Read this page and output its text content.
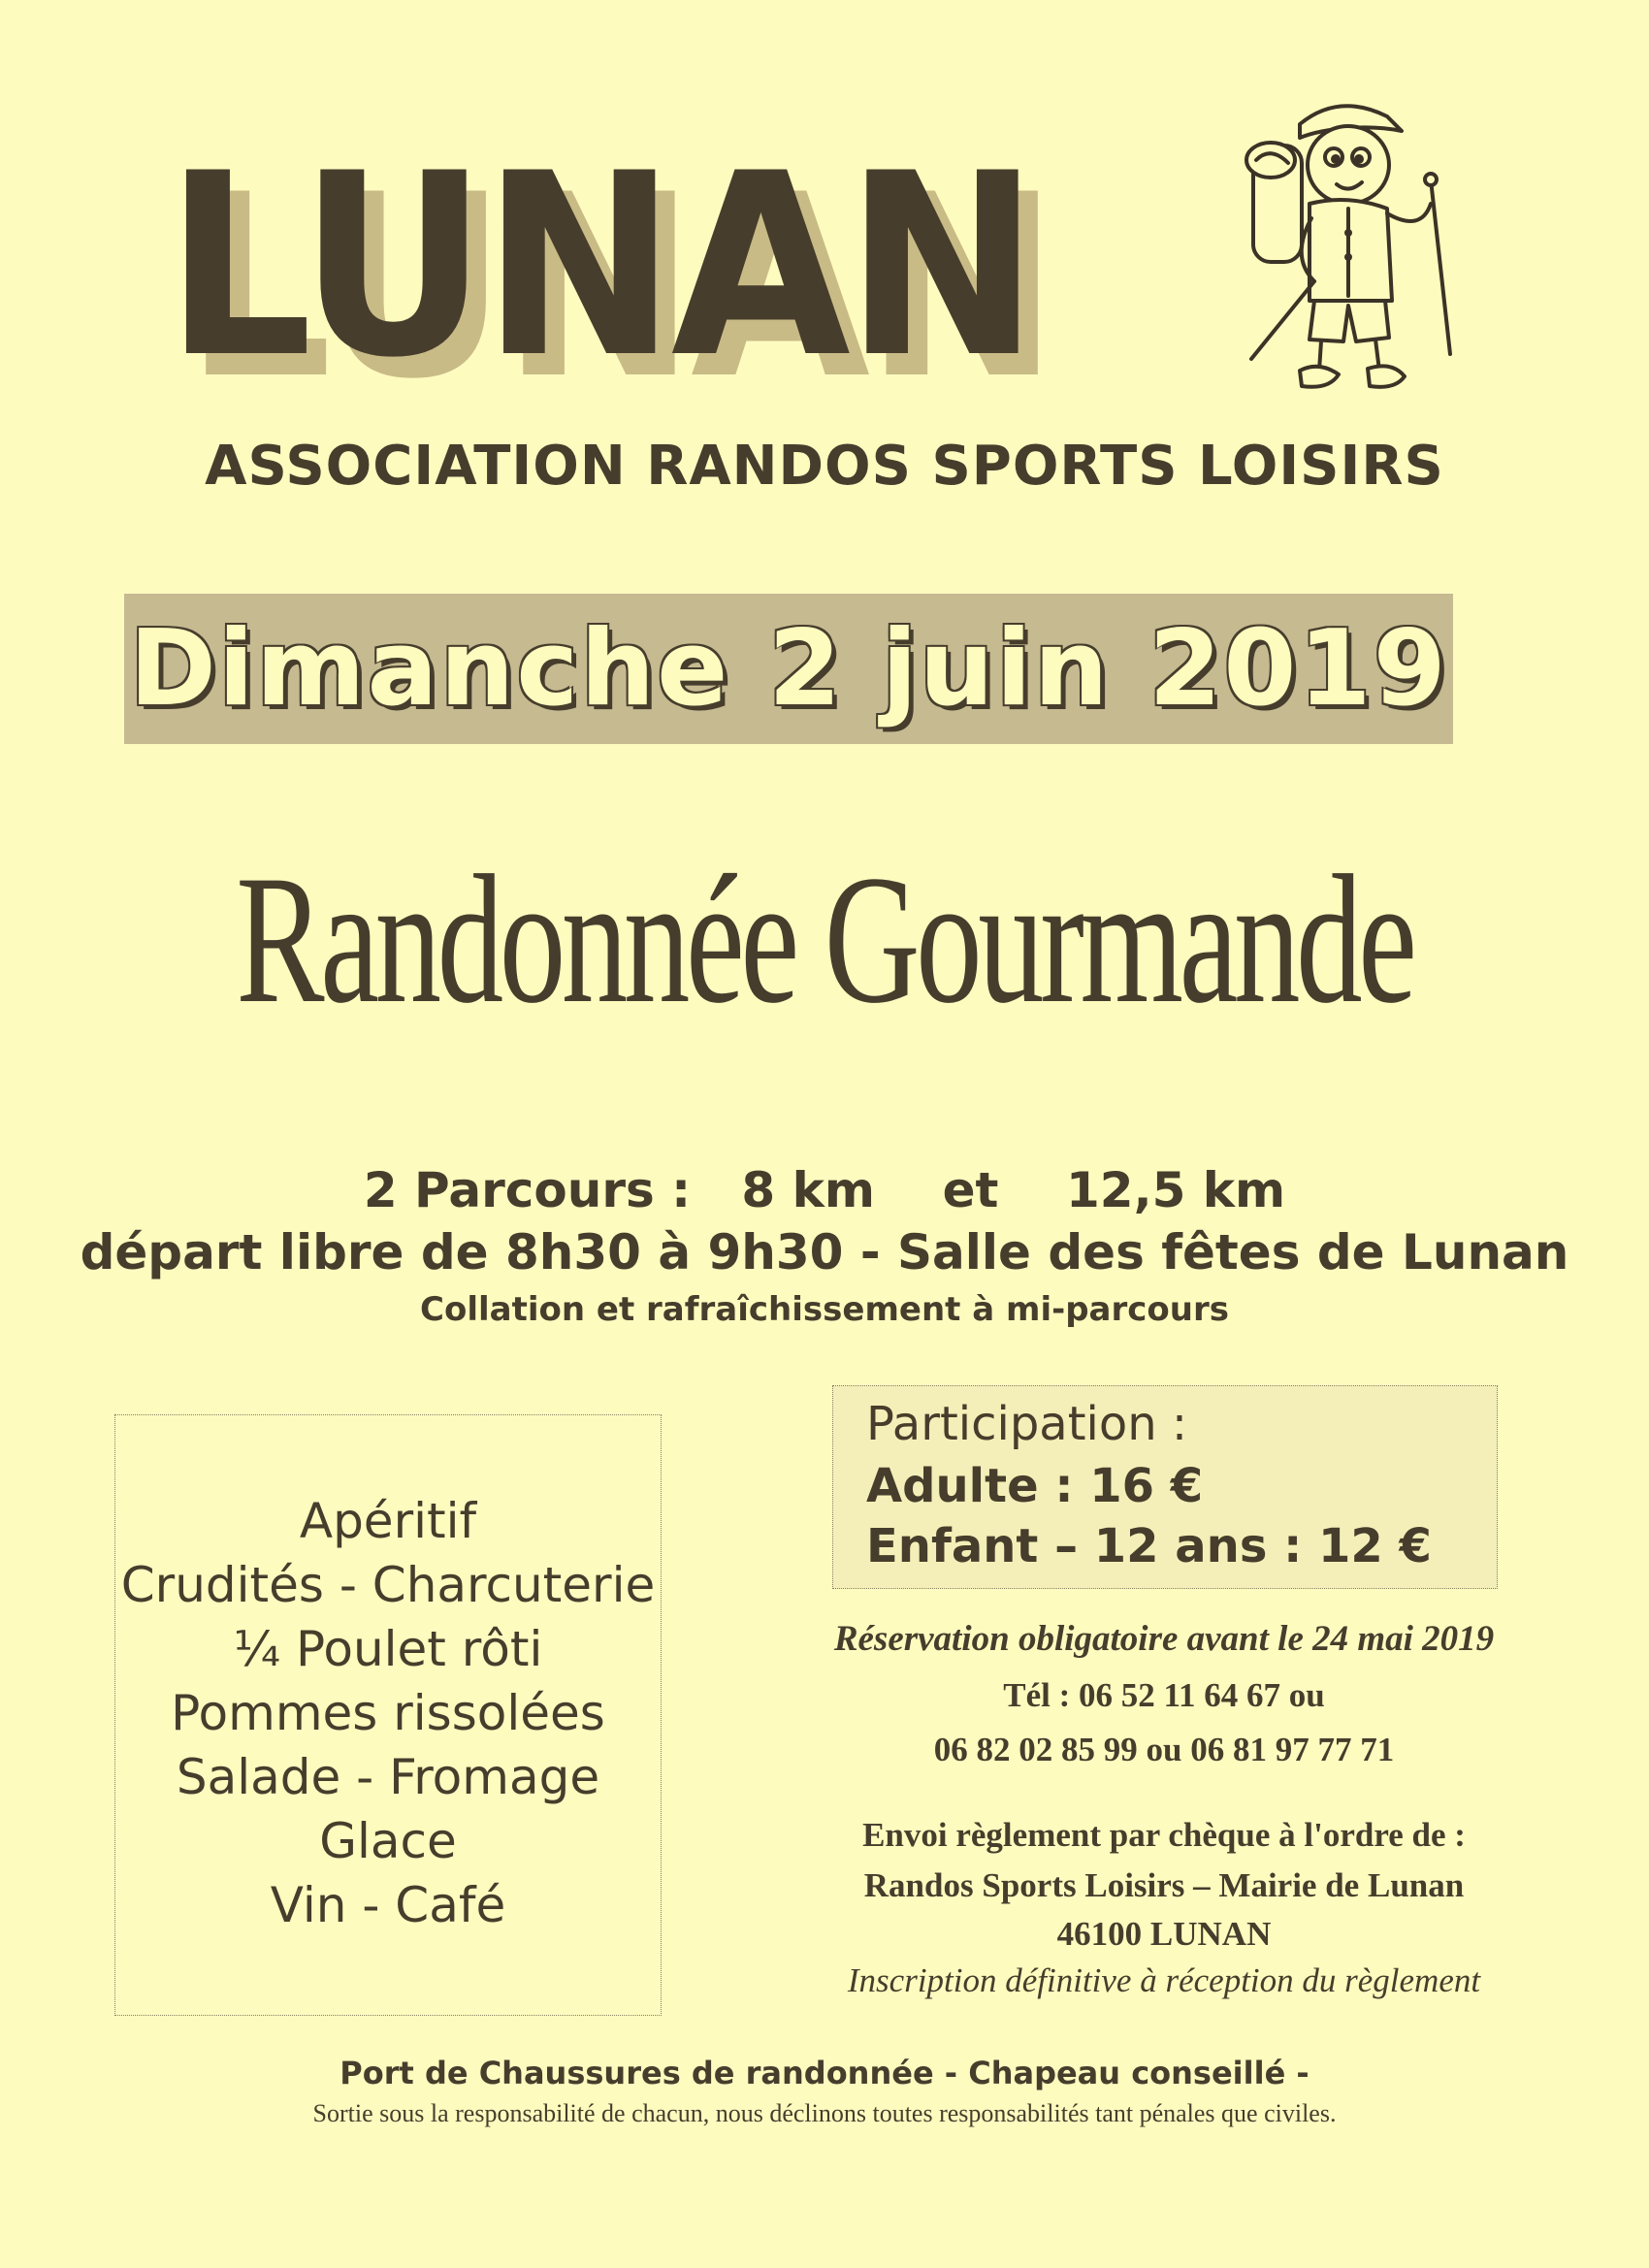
LUNAN
ASSOCIATION RANDOS SPORTS LOISIRS
Dimanche 2 juin 2019
Randonnée Gourmande
2 Parcours :   8 km    et    12,5 km
départ libre de 8h30 à 9h30 - Salle des fêtes de Lunan
Collation et rafraîchissement à mi-parcours
Apéritif
Crudités - Charcuterie
¼ Poulet rôti
Pommes rissolées
Salade - Fromage
Glace
Vin - Café
Participation :
Adulte : 16 €
Enfant – 12 ans : 12 €
Réservation obligatoire avant le 24 mai 2019
Tél : 06 52 11 64 67 ou
06 82 02 85 99 ou 06 81 97 77 71
Envoi règlement par chèque à l'ordre de :
Randos Sports Loisirs – Mairie de Lunan
46100 LUNAN
Inscription définitive à réception du règlement
Port de Chaussures de randonnée - Chapeau conseillé -
Sortie sous la responsabilité de chacun, nous déclinons toutes responsabilités tant pénales que civiles.
